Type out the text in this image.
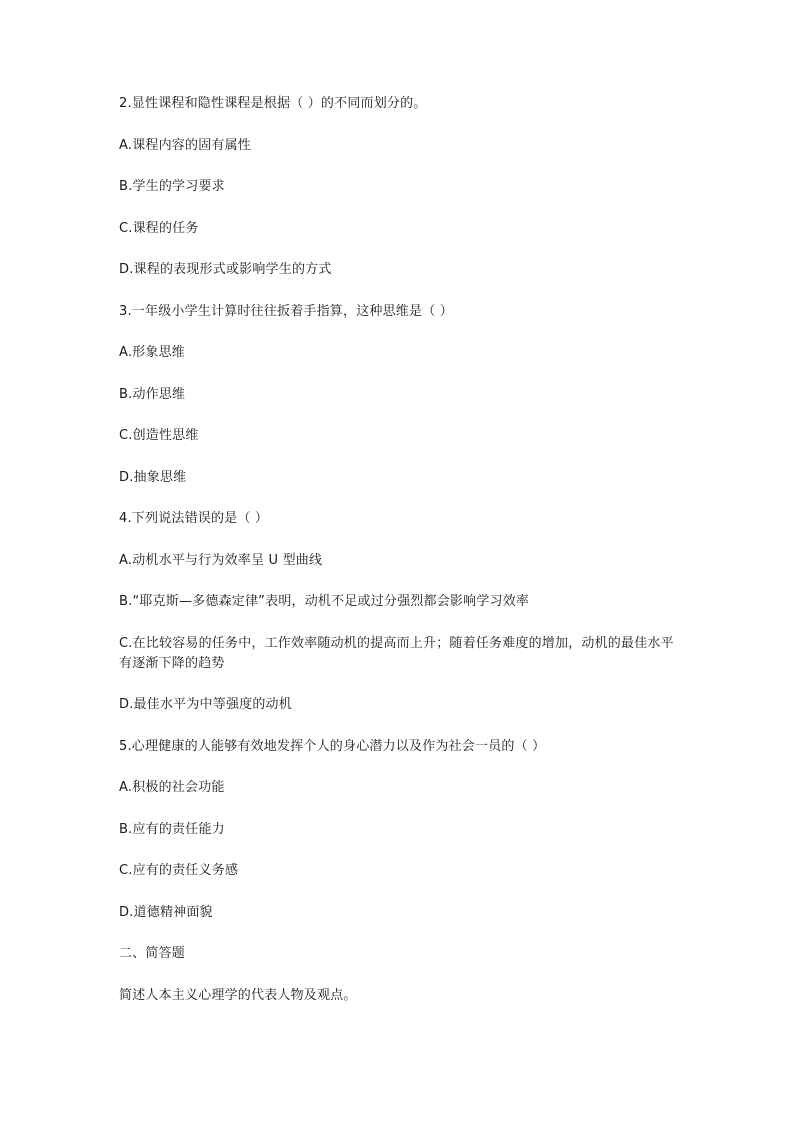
2.显性课程和隐性课程是根据（ ）的不同而划分的。

A.课程内容的固有属性

B.学生的学习要求

C.课程的任务

D.课程的表现形式或影响学生的方式

3.一年级小学生计算时往往扳着手指算，这种思维是（ ）

A.形象思维

B.动作思维

C.创造性思维

D.抽象思维

4.下列说法错误的是（ ）

A.动机水平与行为效率呈 U 型曲线

B.“耶克斯—多德森定律”表明，动机不足或过分强烈都会影响学习效率

C.在比较容易的任务中，工作效率随动机的提高而上升；随着任务难度的增加，动机的最佳水平有逐渐下降的趋势

D.最佳水平为中等强度的动机

5.心理健康的人能够有效地发挥个人的身心潜力以及作为社会一员的（ ）

A.积极的社会功能

B.应有的责任能力

C.应有的责任义务感

D.道德精神面貌

二、简答题

简述人本主义心理学的代表人物及观点。
